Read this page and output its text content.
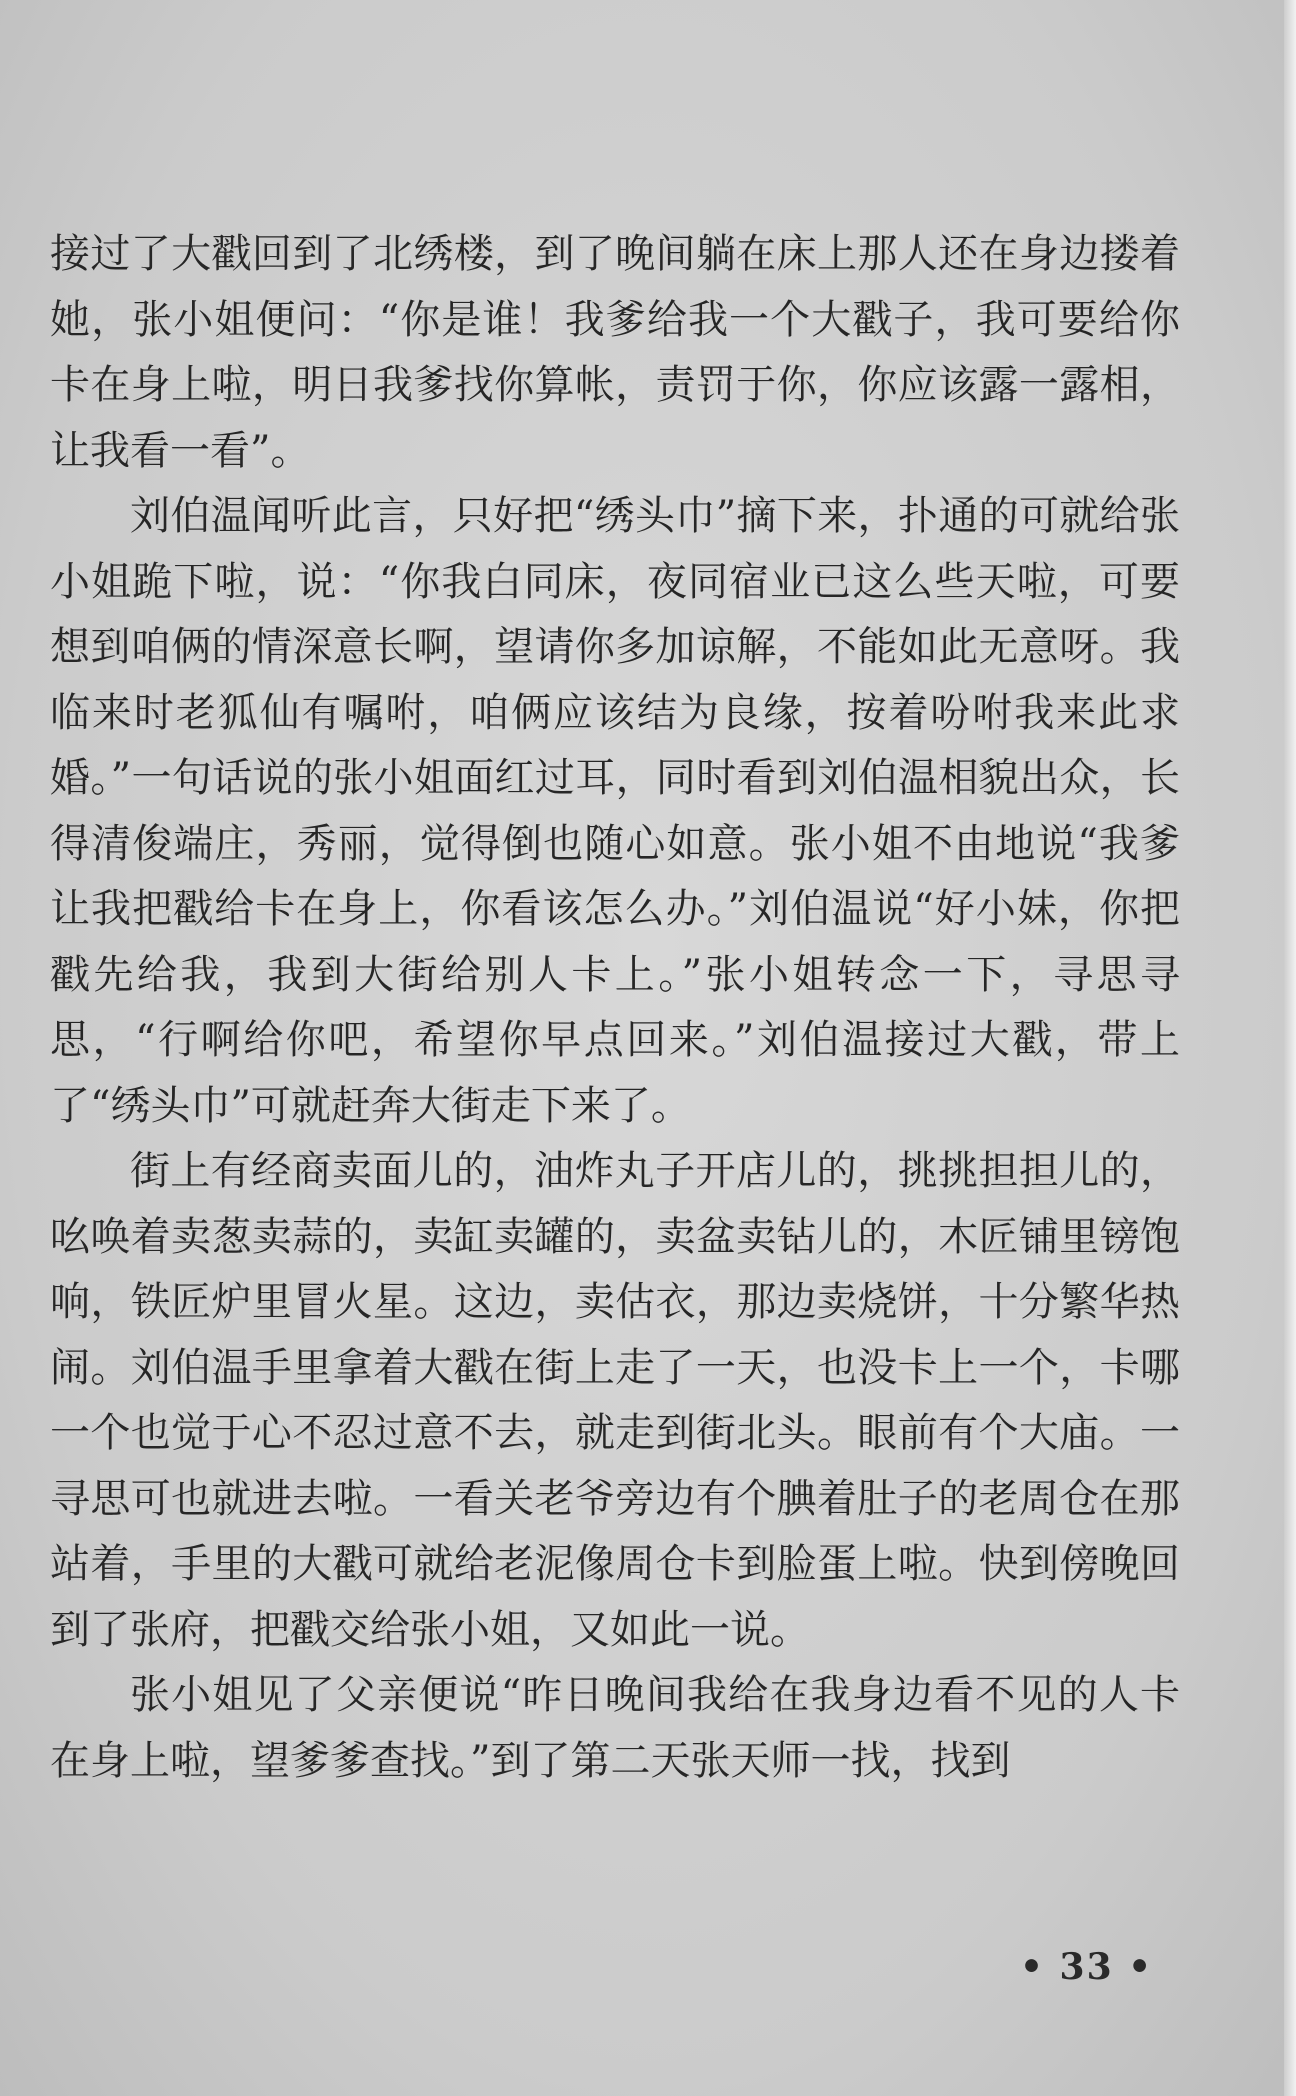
接过了大戳回到了北绣楼，到了晚间躺在床上那人还在身边搂着她，张小姐便问：“你是谁！我爹给我一个大戳子，我可要给你卡在身上啦，明日我爹找你算帐，责罚于你，你应该露一露相，让我看一看”。

刘伯温闻听此言，只好把“绣头巾”摘下来，扑通的可就给张小姐跪下啦，说：“你我白同床，夜同宿业已这么些天啦，可要想到咱俩的情深意长啊，望请你多加谅解，不能如此无意呀。我临来时老狐仙有嘱咐，咱俩应该结为良缘，按着吩咐我来此求婚。”一句话说的张小姐面红过耳，同时看到刘伯温相貌出众，长得清俊端庄，秀丽，觉得倒也随心如意。张小姐不由地说“我爹让我把戳给卡在身上，你看该怎么办。”刘伯温说“好小妹，你把戳先给我，我到大街给别人卡上。”张小姐转念一下，寻思寻思，“行啊给你吧，希望你早点回来。”刘伯温接过大戳，带上了“绣头巾”可就赶奔大街走下来了。

街上有经商卖面儿的，油炸丸子开店儿的，挑挑担担儿的，吆唤着卖葱卖蒜的，卖缸卖罐的，卖盆卖钻儿的，木匠铺里镑饱响，铁匠炉里冒火星。这边，卖估衣，那边卖烧饼，十分繁华热闹。刘伯温手里拿着大戳在街上走了一天，也没卡上一个，卡哪一个也觉于心不忍过意不去，就走到街北头。眼前有个大庙。一寻思可也就进去啦。一看关老爷旁边有个腆着肚子的老周仓在那站着，手里的大戳可就给老泥像周仓卡到脸蛋上啦。快到傍晚回到了张府，把戳交给张小姐，又如此一说。

张小姐见了父亲便说“昨日晚间我给在我身边看不见的人卡在身上啦，望爹爹查找。”到了第二天张天师一找，找到

• 33 •
